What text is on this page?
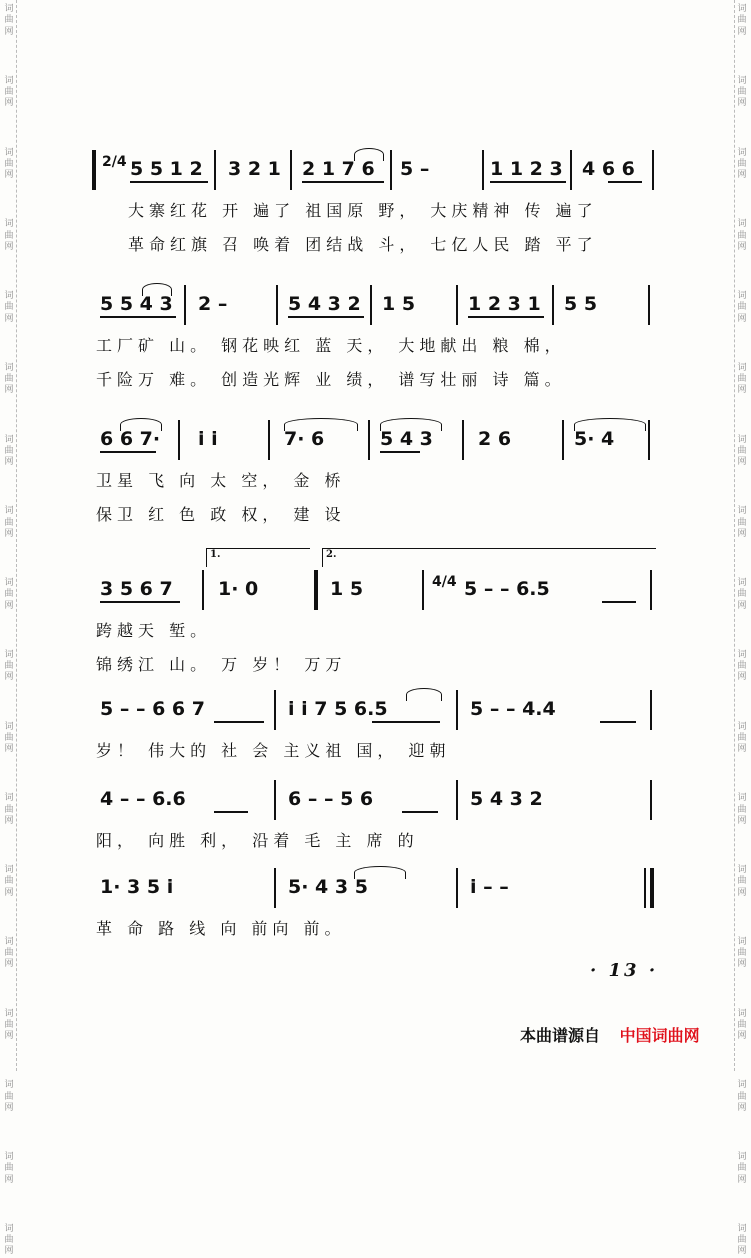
词曲网
词曲网
词曲网
词曲网
词曲网
词曲网
词曲网
词曲网
词曲网
词曲网
词曲网
词曲网
词曲网
词曲网
词曲网
词曲网
词曲网
词曲网
词曲网
词曲网
词曲网
词曲网
词曲网
词曲网
词曲网
词曲网
词曲网
词曲网
词曲网
词曲网
词曲网
词曲网
词曲网
词曲网
词曲网
词曲网
2/4 5 5 1 2 3 2 1 2 1 7 6 5 –	1 1 2 3 4 6 6
大寨红花 开 遍了 祖国原 野， 大庆精神 传 遍了
革命红旗 召 唤着 团结战 斗， 七亿人民 踏 平了
5 5 4 3 2 –	5 4 3 2 1 5	1 2 3 1 5 5
工厂矿 山。 钢花映红 蓝 天， 大地献出 粮 棉，
千险万 难。 创造光辉 业 绩， 谱写壮丽 诗 篇。
6 6 7· i i	7· 6	5 4 3 2 6	5· 4
卫星 飞 向 太 空， 金 桥
保卫 红 色 政 权， 建 设
1.	2.
3 5 6 7 1· 0	1 5	4/4 5 – – 6.5
跨越天 堑。
锦绣江 山。 万 岁！ 万万
5 – – 6 6 7	i i 7 5 6.5	5 – – 4.4
岁！ 伟大的 社 会 主义祖 国， 迎朝
4 – – 6.6	6 – – 5 6	5 4 3 2
阳， 向胜 利， 沿着 毛 主 席 的
1· 3 5 i	5· 4 3 5	i – –
革 命 路 线 向 前向 前。
· 13 ·
本曲谱源自 中国词曲网
